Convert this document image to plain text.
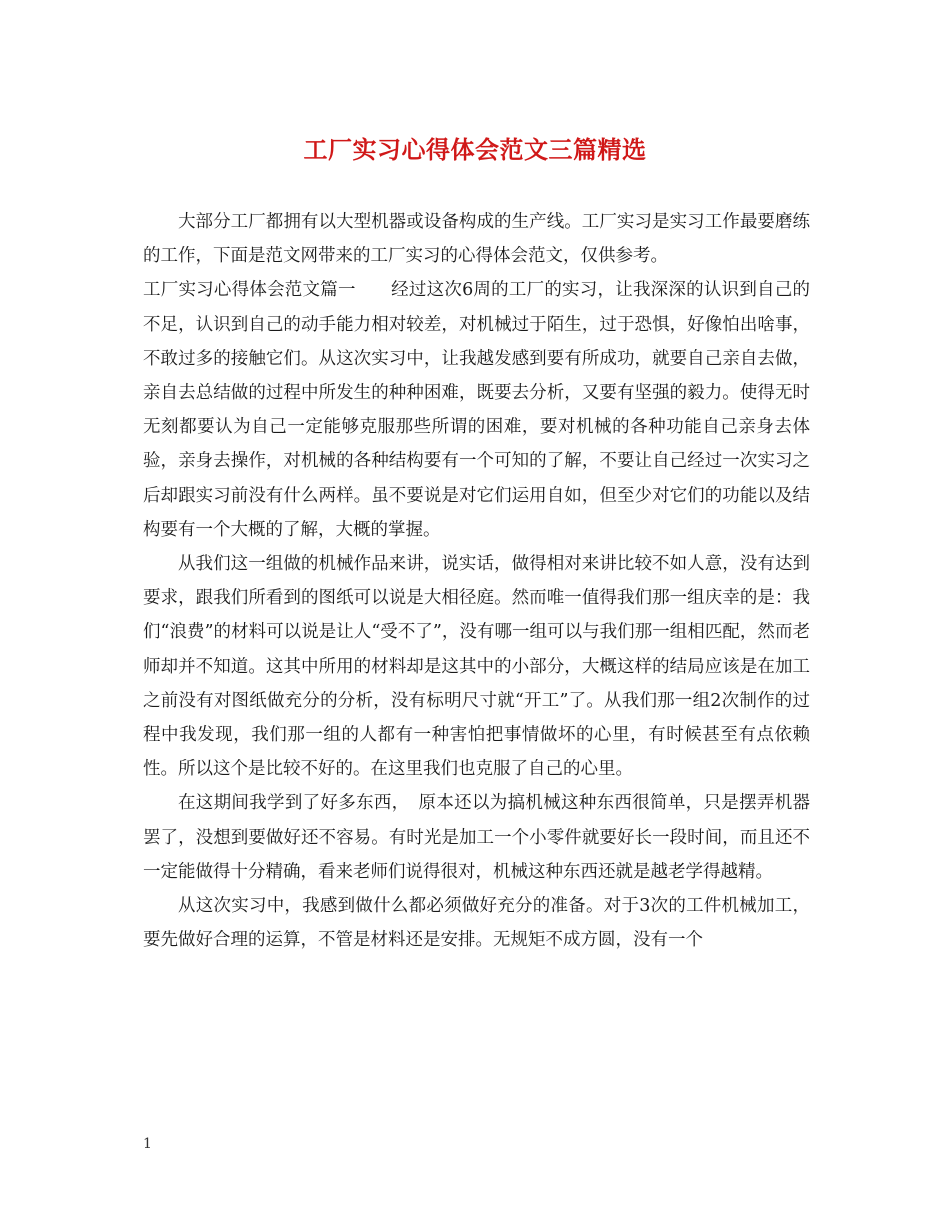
工厂实习心得体会范文三篇精选

大部分工厂都拥有以大型机器或设备构成的生产线。工厂实习是实习工作最要磨练的工作，下面是范文网带来的工厂实习的心得体会范文，仅供参考。

工厂实习心得体会范文篇一　　经过这次6周的工厂的实习，让我深深的认识到自己的不足，认识到自己的动手能力相对较差，对机械过于陌生，过于恐惧，好像怕出啥事，不敢过多的接触它们。从这次实习中，让我越发感到要有所成功，就要自己亲自去做，亲自去总结做的过程中所发生的种种困难，既要去分析，又要有坚强的毅力。使得无时无刻都要认为自己一定能够克服那些所谓的困难，要对机械的各种功能自己亲身去体验，亲身去操作，对机械的各种结构要有一个可知的了解，不要让自己经过一次实习之后却跟实习前没有什么两样。虽不要说是对它们运用自如，但至少对它们的功能以及结构要有一个大概的了解，大概的掌握。

从我们这一组做的机械作品来讲，说实话，做得相对来讲比较不如人意，没有达到要求，跟我们所看到的图纸可以说是大相径庭。然而唯一值得我们那一组庆幸的是：我们“浪费”的材料可以说是让人“受不了”，没有哪一组可以与我们那一组相匹配，然而老师却并不知道。这其中所用的材料却是这其中的小部分，大概这样的结局应该是在加工之前没有对图纸做充分的分析，没有标明尺寸就“开工”了。从我们那一组2次制作的过程中我发现，我们那一组的人都有一种害怕把事情做坏的心里，有时候甚至有点依赖性。所以这个是比较不好的。在这里我们也克服了自己的心里。

在这期间我学到了好多东西，　原本还以为搞机械这种东西很简单，只是摆弄机器罢了，没想到要做好还不容易。有时光是加工一个小零件就要好长一段时间，而且还不一定能做得十分精确，看来老师们说得很对，机械这种东西还就是越老学得越精。

从这次实习中，我感到做什么都必须做好充分的准备。对于3次的工件机械加工，要先做好合理的运算，不管是材料还是安排。无规矩不成方圆，没有一个

1
